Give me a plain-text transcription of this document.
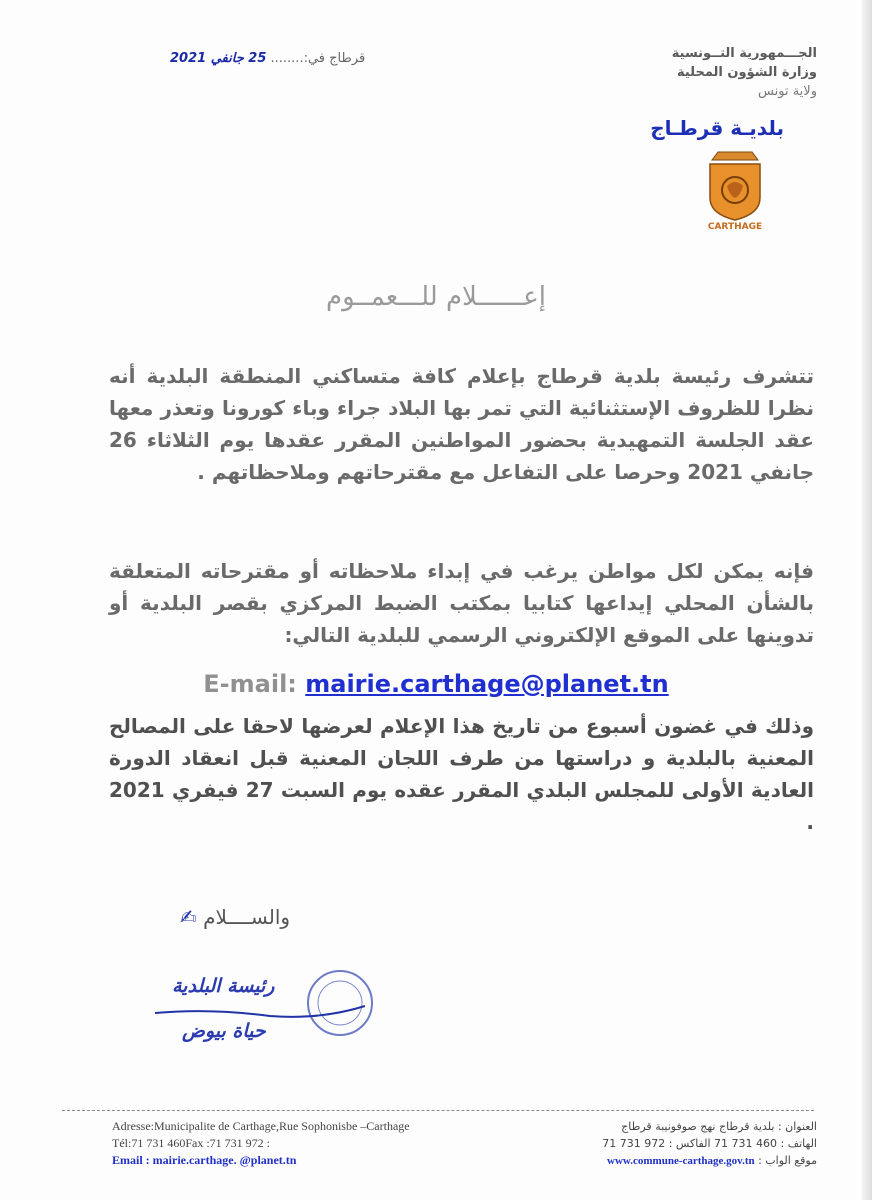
الجـــمهورية التــونسية
وزارة الشؤون المحلية
ولاية تونس
بلديـة قرطـاج
CARTHAGE
قرطاج في:........ 25 جانفي 2021
إعــــــلام للـــعمــوم
تتشرف رئيسة بلدية قرطاج بإعلام كافة متساكني المنطقة البلدية أنه نظرا للظروف الإستثنائية التي تمر بها البلاد جراء وباء كورونا وتعذر معها عقد الجلسة التمهيدية بحضور المواطنين المقرر عقدها يوم الثلاثاء 26 جانفي 2021 وحرصا على التفاعل مع مقترحاتهم وملاحظاتهم .
فإنه يمكن لكل مواطن يرغب في إبداء ملاحظاته أو مقترحاته المتعلقة بالشأن المحلي إيداعها كتابيا بمكتب الضبط المركزي بقصر البلدية أو تدوينها على الموقع الإلكتروني الرسمي للبلدية التالي:
E-mail: mairie.carthage@planet.tn
وذلك في غضون أسبوع من تاريخ هذا الإعلام لعرضها لاحقا على المصالح المعنية بالبلدية و دراستها من طرف اللجان المعنية قبل انعقاد الدورة العادية الأولى للمجلس البلدي المقرر عقده يوم السبت 27 فيفري 2021 .
والســــلام ✍
رئيسة البلدية
حياة بيوض
Adresse:Municipalite de Carthage,Rue Sophonisbe –Carthage
Tél:71 731 460Fax :71 731 972 :
Email : mairie.carthage. @planet.tn
العنوان : بلدية قرطاج نهج صوفونيبة قرطاج
الهاتف : 460 731 71 الفاكس : 972 731 71
موقع الواب : www.commune-carthage.gov.tn
